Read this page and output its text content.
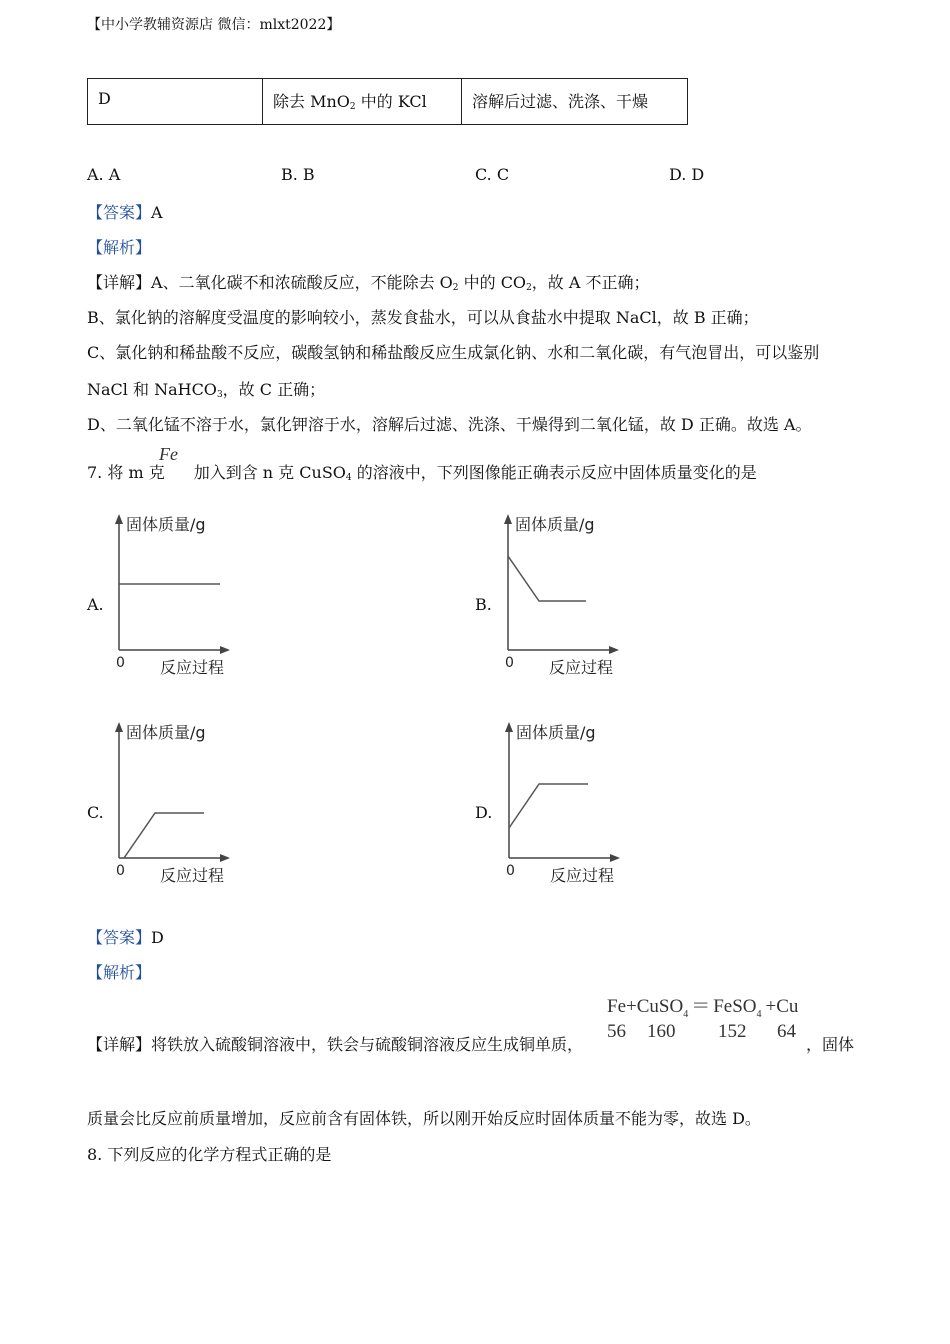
【中小学教辅资源店 微信：mlxt2022】
D	除去 MnO$_2$ 中的 KCl	溶解后过滤、洗涤、干燥
A. A	B. B	C. C	D. D
【答案】A
【解析】
【详解】A、二氧化碳不和浓硫酸反应，不能除去 $O_2$ 中的 $CO_2$，故 A 不正确；
B、氯化钠的溶解度受温度的影响较小，蒸发食盐水，可以从食盐水中提取 NaCl，故 B 正确；
C、氯化钠和稀盐酸不反应，碳酸氢钠和稀盐酸反应生成氯化钠、水和二氧化碳，有气泡冒出，可以鉴别
NaCl 和 NaHCO$_3$，故 C 正确；
D、二氧化锰不溶于水，氯化钾溶于水，溶解后过滤、洗涤、干燥得到二氧化锰，故 D 正确。故选 A。
7. 将 m 克 加入到含 n 克 CuSO$_4$ 的溶液中，下列图像能正确表示反应中固体质量变化的是
Fe
A.
固体质量/g
0 反应过程
B.
固体质量/g
0 反应过程
C.
固体质量/g
0 反应过程
D.
固体质量/g
0 反应过程
【答案】D
【解析】
【详解】将铁放入硫酸铜溶液中，铁会与硫酸铜溶液反应生成铜单质，	，固体
Fe+CuSO$_4$ ＝ FeSO$_4$ +Cu
56 160 152 64
质量会比反应前质量增加，反应前含有固体铁，所以刚开始反应时固体质量不能为零，故选 D。
8. 下列反应的化学方程式正确的是
